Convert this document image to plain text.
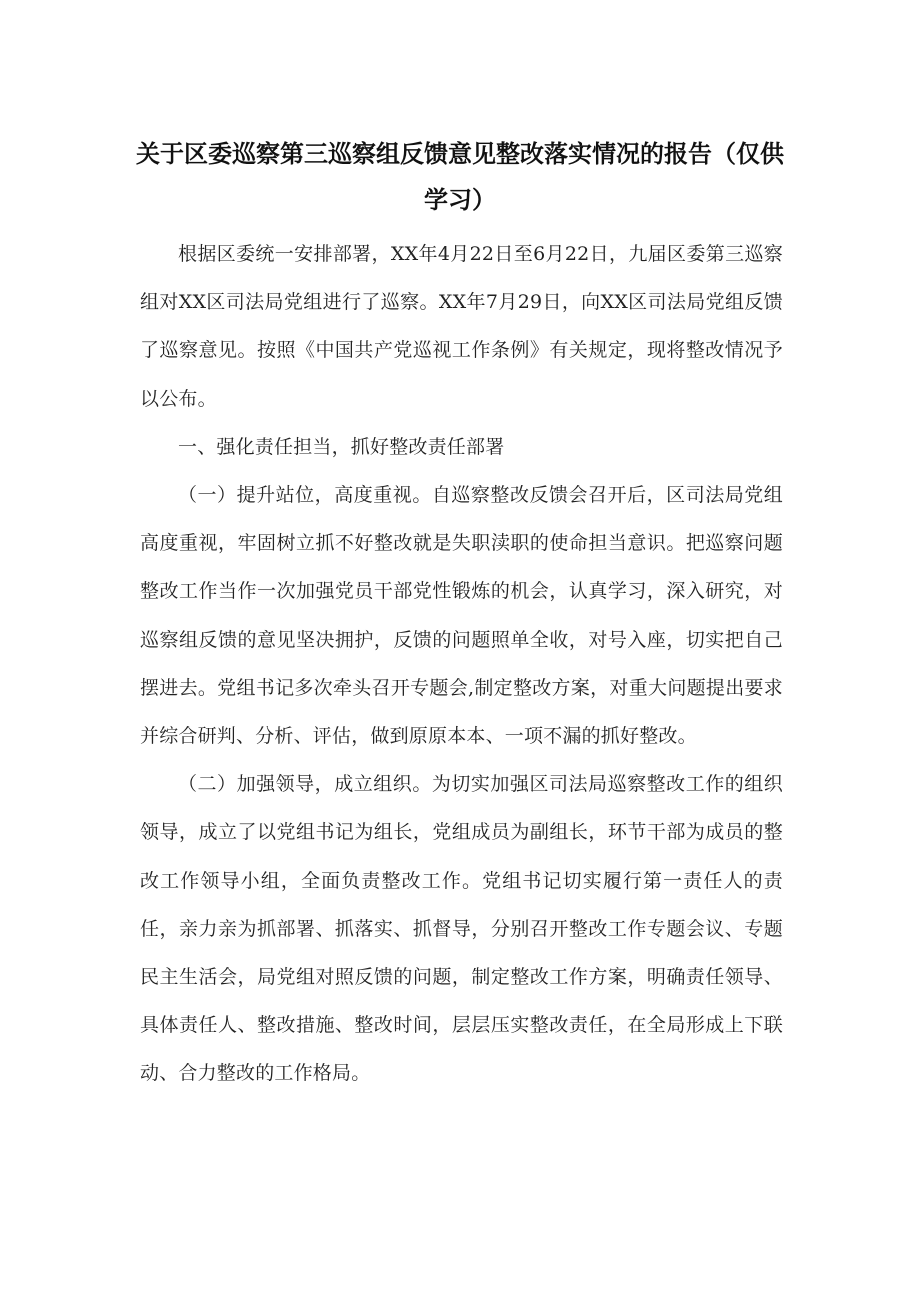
关于区委巡察第三巡察组反馈意见整改落实情况的报告（仅供学习）

根据区委统一安排部署，XX年4月22日至6月22日，九届区委第三巡察组对XX区司法局党组进行了巡察。XX年7月29日，向XX区司法局党组反馈了巡察意见。按照《中国共产党巡视工作条例》有关规定，现将整改情况予以公布。

一、强化责任担当，抓好整改责任部署

（一）提升站位，高度重视。自巡察整改反馈会召开后，区司法局党组高度重视，牢固树立抓不好整改就是失职渎职的使命担当意识。把巡察问题整改工作当作一次加强党员干部党性锻炼的机会，认真学习，深入研究，对巡察组反馈的意见坚决拥护，反馈的问题照单全收，对号入座，切实把自己摆进去。党组书记多次牵头召开专题会,制定整改方案，对重大问题提出要求并综合研判、分析、评估，做到原原本本、一项不漏的抓好整改。

（二）加强领导，成立组织。为切实加强区司法局巡察整改工作的组织领导，成立了以党组书记为组长，党组成员为副组长，环节干部为成员的整改工作领导小组，全面负责整改工作。党组书记切实履行第一责任人的责任，亲力亲为抓部署、抓落实、抓督导，分别召开整改工作专题会议、专题民主生活会，局党组对照反馈的问题，制定整改工作方案，明确责任领导、具体责任人、整改措施、整改时间，层层压实整改责任，在全局形成上下联动、合力整改的工作格局。
